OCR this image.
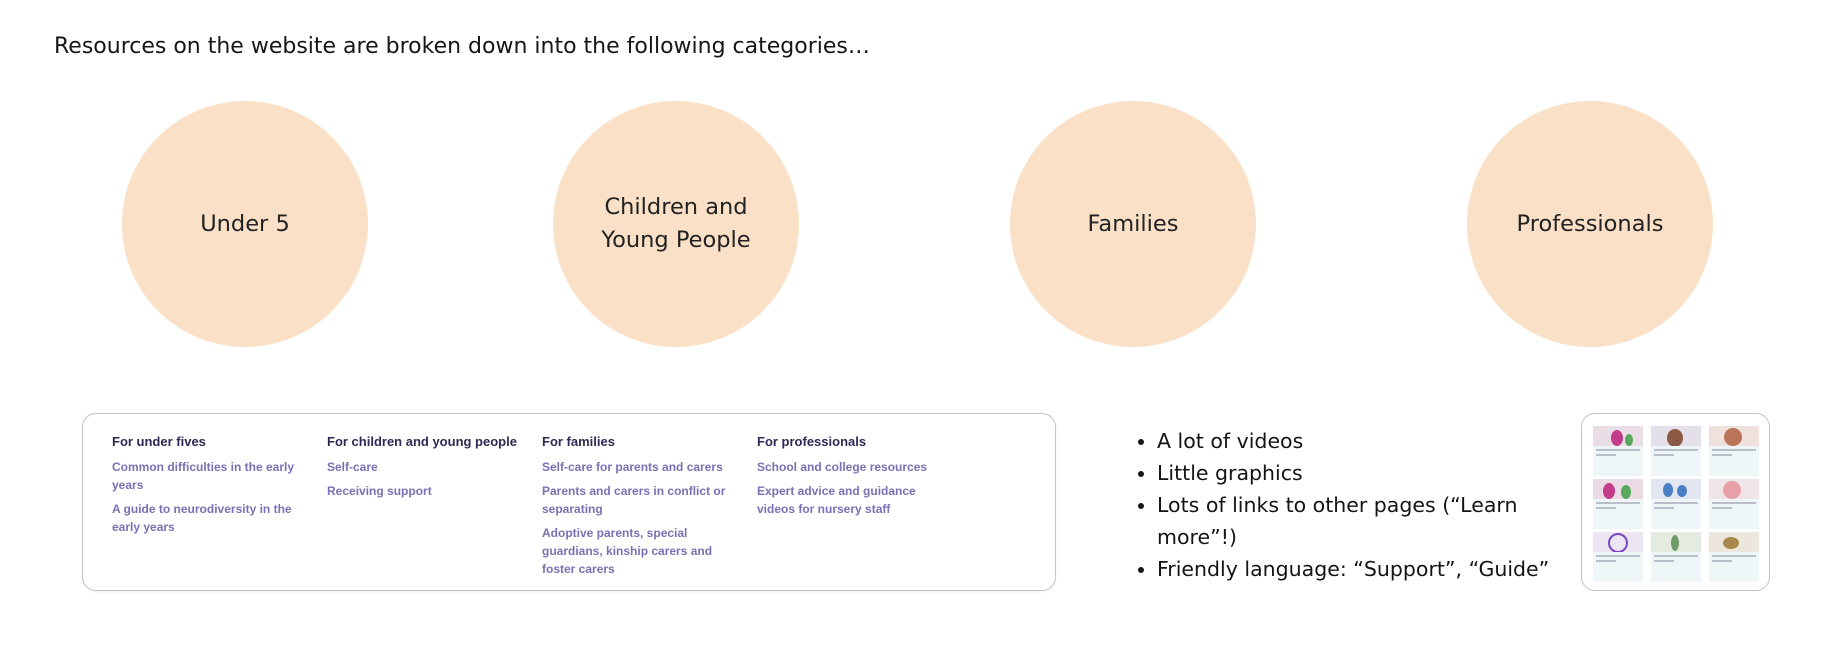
Resources on the website are broken down into the following categories…
Under 5
Children and Young People
Families	Professionals
For under fives
Common difficulties in the early years
A guide to neurodiversity in the early years
For children and young people
Self-care
Receiving support
For families
Self-care for parents and carers
Parents and carers in conflict or separating
Adoptive parents, special guardians, kinship carers and foster carers
For professionals
School and college resources
Expert advice and guidance videos for nursery staff
• A lot of videos
• Little graphics
• Lots of links to other pages (“Learn more”!)
• Friendly language: “Support”, “Guide”
